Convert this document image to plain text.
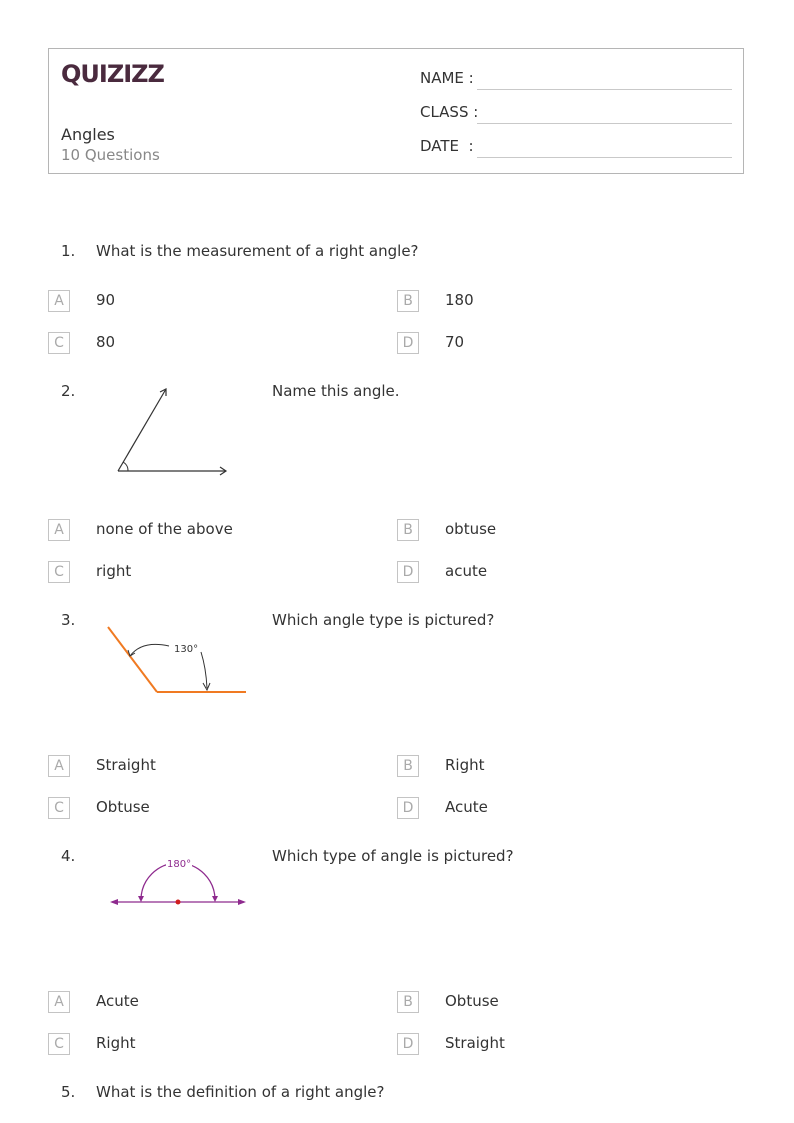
QUIZIZZ
Angles
10 Questions
NAME :
CLASS :
DATE  :
1. What is the measurement of a right angle?
A	90	B	180
C	80	D	70
2.	Name this angle.
A	none of the above	B	obtuse
C	right	D	acute
3.
130°
Which angle type is pictured?
A	Straight	B	Right
C	Obtuse	D	Acute
4.	180°	Which type of angle is pictured?
A	Acute	B	Obtuse
C	Right	D	Straight
5. What is the definition of a right angle?
